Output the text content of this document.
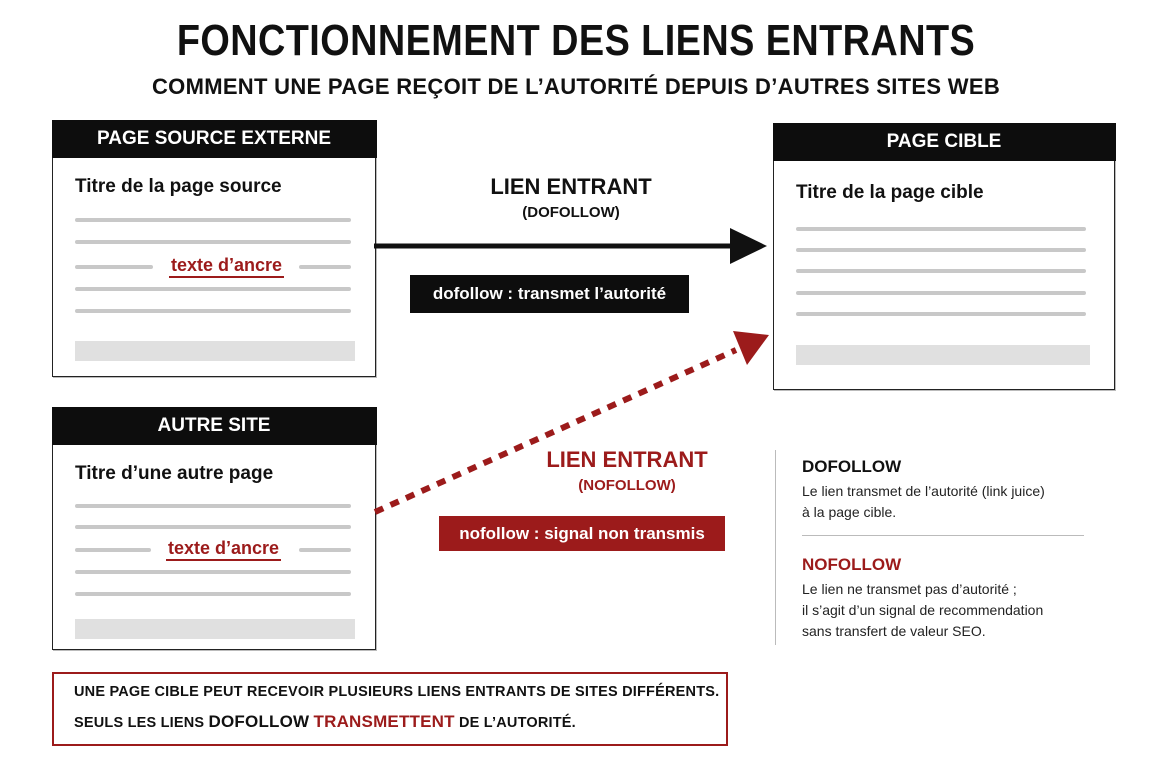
FONCTIONNEMENT DES LIENS ENTRANTS
COMMENT UNE PAGE REÇOIT DE L’AUTORITÉ DEPUIS D’AUTRES SITES WEB
PAGE SOURCE EXTERNE
Titre de la page source
texte d’ancre
AUTRE SITE
Titre d’une autre page
texte d’ancre
PAGE CIBLE
Titre de la page cible
LIEN ENTRANT
(DOFOLLOW)
dofollow : transmet l’autorité
LIEN ENTRANT
(NOFOLLOW)
nofollow : signal non transmis
DOFOLLOW
Le lien transmet de l’autorité (link juice)
à la page cible.
NOFOLLOW
Le lien ne transmet pas d’autorité ;
il s’agit d’un signal de recommendation
sans transfert de valeur SEO.
UNE PAGE CIBLE PEUT RECEVOIR PLUSIEURS LIENS ENTRANTS DE SITES DIFFÉRENTS.
SEULS LES LIENS DOFOLLOW TRANSMETTENT DE L’AUTORITÉ.
